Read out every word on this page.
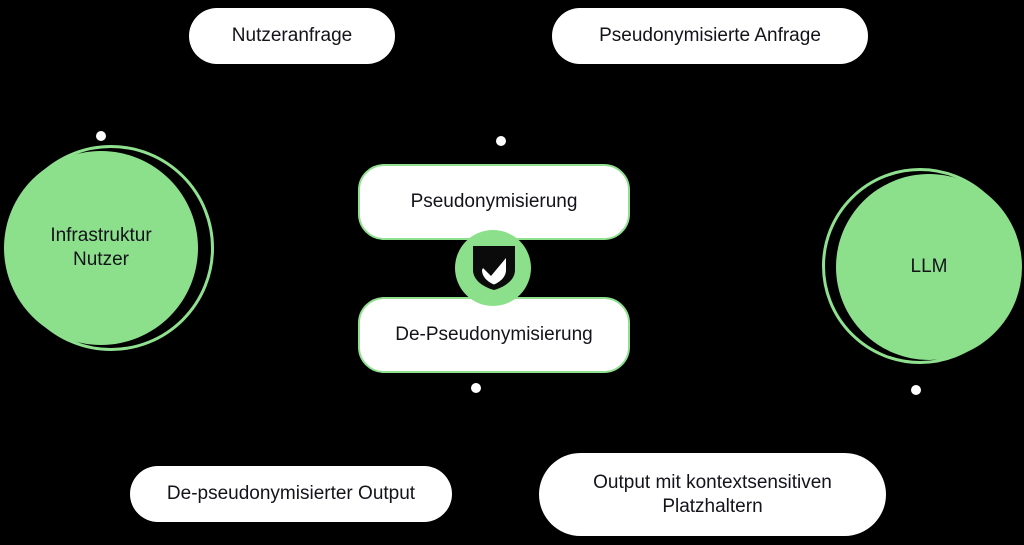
Nutzeranfrage	Pseudonymisierte Anfrage
De-pseudonymisierter Output
Output mit kontextsensitiven
Platzhaltern
Infrastruktur
Nutzer	LLM
Pseudonymisierung
De-Pseudonymisierung
